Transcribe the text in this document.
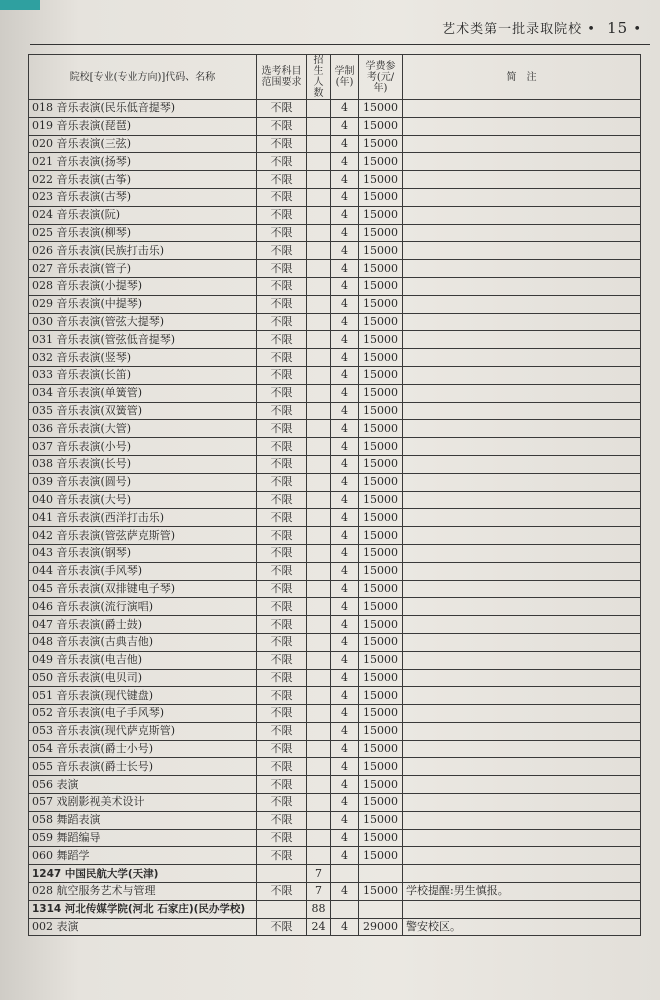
艺术类第一批录取院校 • 15 •
院校[专业(专业方向)]代码、名称	选考科目范围要求	招生人数	学制(年)	学费参考(元/年)	简　注
018 音乐表演(民乐低音提琴)	不限		4	15000	
019 音乐表演(琵琶)	不限		4	15000	
020 音乐表演(三弦)	不限		4	15000	
021 音乐表演(扬琴)	不限		4	15000	
022 音乐表演(古筝)	不限		4	15000	
023 音乐表演(古琴)	不限		4	15000	
024 音乐表演(阮)	不限		4	15000	
025 音乐表演(柳琴)	不限		4	15000	
026 音乐表演(民族打击乐)	不限		4	15000	
027 音乐表演(管子)	不限		4	15000	
028 音乐表演(小提琴)	不限		4	15000	
029 音乐表演(中提琴)	不限		4	15000	
030 音乐表演(管弦大提琴)	不限		4	15000	
031 音乐表演(管弦低音提琴)	不限		4	15000	
032 音乐表演(竖琴)	不限		4	15000	
033 音乐表演(长笛)	不限		4	15000	
034 音乐表演(单簧管)	不限		4	15000	
035 音乐表演(双簧管)	不限		4	15000	
036 音乐表演(大管)	不限		4	15000	
037 音乐表演(小号)	不限		4	15000	
038 音乐表演(长号)	不限		4	15000	
039 音乐表演(圆号)	不限		4	15000	
040 音乐表演(大号)	不限		4	15000	
041 音乐表演(西洋打击乐)	不限		4	15000	
042 音乐表演(管弦萨克斯管)	不限		4	15000	
043 音乐表演(钢琴)	不限		4	15000	
044 音乐表演(手风琴)	不限		4	15000	
045 音乐表演(双排键电子琴)	不限		4	15000	
046 音乐表演(流行演唱)	不限		4	15000	
047 音乐表演(爵士鼓)	不限		4	15000	
048 音乐表演(古典吉他)	不限		4	15000	
049 音乐表演(电吉他)	不限		4	15000	
050 音乐表演(电贝司)	不限		4	15000	
051 音乐表演(现代键盘)	不限		4	15000	
052 音乐表演(电子手风琴)	不限		4	15000	
053 音乐表演(现代萨克斯管)	不限		4	15000	
054 音乐表演(爵士小号)	不限		4	15000	
055 音乐表演(爵士长号)	不限		4	15000	
056 表演	不限		4	15000	
057 戏剧影视美术设计	不限		4	15000	
058 舞蹈表演	不限		4	15000	
059 舞蹈编导	不限		4	15000	
060 舞蹈学	不限		4	15000	
1247 中国民航大学(天津)		7			
028 航空服务艺术与管理	不限	7	4	15000	学校提醒:男生慎报。
1314 河北传媒学院(河北 石家庄)(民办学校)		88			
002 表演	不限	24	4	29000	警安校区。
